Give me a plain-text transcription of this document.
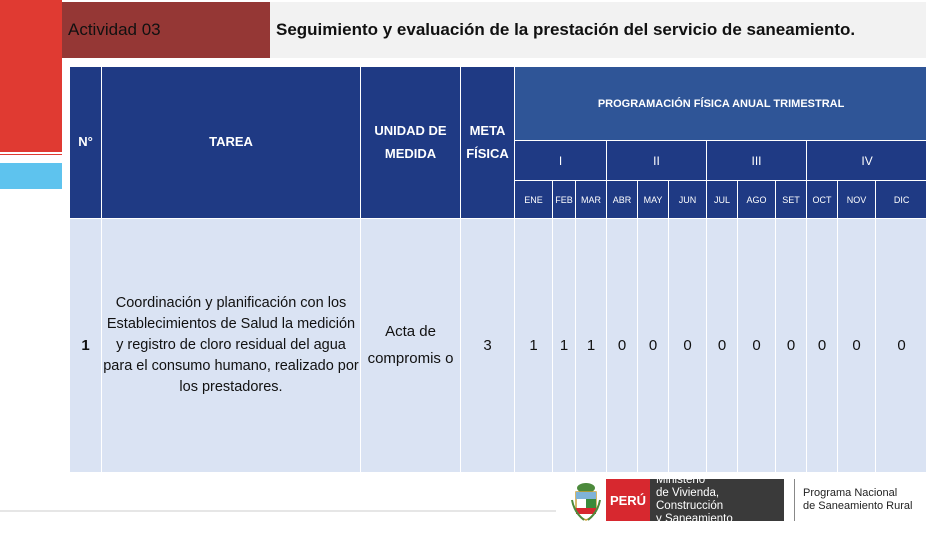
Actividad 03	Seguimiento y evaluación de la prestación del servicio de saneamiento.
N°	TAREA	UNIDAD DE MEDIDA	META FÍSICA	PROGRAMACIÓN FÍSICA ANUAL TRIMESTRAL											
				I			II			III			IV		
				ENE	FEB	MAR	ABR	MAY	JUN	JUL	AGO	SET	OCT	NOV	DIC
1	Coordinación y planificación con los Establecimientos de Salud la medición y registro de cloro residual del agua para el consumo humano, realizado por los prestadores.	Acta de compromis o	3	1	1	1	0	0	0	0	0	0	0	0	0
PERÚ
Ministerio
de Vivienda, Construcción
y Saneamiento
Programa Nacional
de Saneamiento Rural
